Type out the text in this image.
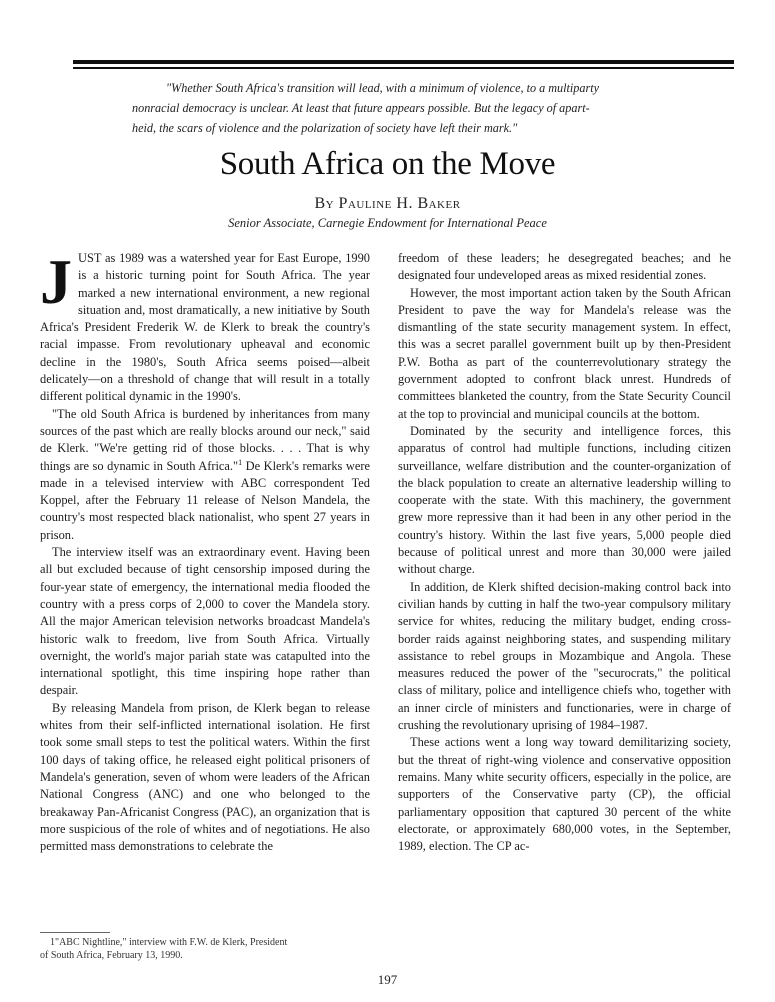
"Whether South Africa's transition will lead, with a minimum of violence, to a multiparty
nonracial democracy is unclear. At least that future appears possible. But the legacy of apart-
heid, the scars of violence and the polarization of society have left their mark."
South Africa on the Move
By Pauline H. Baker
Senior Associate, Carnegie Endowment for International Peace

JUST as 1989 was a watershed year for East Europe, 1990 is a historic turning point for South Africa. The year marked a new international environment, a new regional situation and, most dramatically, a new initiative by South Africa's President Frederik W. de Klerk to break the country's racial impasse. From revolutionary upheaval and economic decline in the 1980's, South Africa seems poised—albeit delicately—on a threshold of change that will result in a totally different political dynamic in the 1990's.

"The old South Africa is burdened by inheritances from many sources of the past which are really blocks around our neck," said de Klerk. "We're getting rid of those blocks. . . . That is why things are so dynamic in South Africa."$^1$ De Klerk's remarks were made in a televised interview with ABC correspondent Ted Koppel, after the February 11 release of Nelson Mandela, the country's most respected black nationalist, who spent 27 years in prison.

The interview itself was an extraordinary event. Having been all but excluded because of tight censorship imposed during the four-year state of emergency, the international media flooded the country with a press corps of 2,000 to cover the Mandela story. All the major American television networks broadcast Mandela's historic walk to freedom, live from South Africa. Virtually overnight, the world's major pariah state was catapulted into the international spotlight, this time inspiring hope rather than despair.

By releasing Mandela from prison, de Klerk began to release whites from their self-inflicted international isolation. He first took some small steps to test the political waters. Within the first 100 days of taking office, he released eight political prisoners of Mandela's generation, seven of whom were leaders of the African National Congress (ANC) and one who belonged to the breakaway Pan-Africanist Congress (PAC), an organization that is more suspicious of the role of whites and of negotiations. He also permitted mass demonstrations to celebrate the

freedom of these leaders; he desegregated beaches; and he designated four undeveloped areas as mixed residential zones.

However, the most important action taken by the South African President to pave the way for Mandela's release was the dismantling of the state security management system. In effect, this was a secret parallel government built up by then-President P.W. Botha as part of the counterrevolutionary strategy the government adopted to confront black unrest. Hundreds of committees blanketed the country, from the State Security Council at the top to provincial and municipal councils at the bottom.

Dominated by the security and intelligence forces, this apparatus of control had multiple functions, including citizen surveillance, welfare distribution and the counter-organization of the black population to create an alternative leadership willing to cooperate with the state. With this machinery, the government grew more repressive than it had been in any other period in the country's history. Within the last five years, 5,000 people died because of political unrest and more than 30,000 were jailed without charge.

In addition, de Klerk shifted decision-making control back into civilian hands by cutting in half the two-year compulsory military service for whites, reducing the military budget, ending cross-border raids against neighboring states, and suspending military assistance to rebel groups in Mozambique and Angola. These measures reduced the power of the "securocrats," the political class of military, police and intelligence chiefs who, together with an inner circle of ministers and functionaries, were in charge of crushing the revolutionary uprising of 1984–1987.

These actions went a long way toward demilitarizing society, but the threat of right-wing violence and conservative opposition remains. Many white security officers, especially in the police, are supporters of the Conservative party (CP), the official parliamentary opposition that captured 30 percent of the white electorate, or approximately 680,000 votes, in the September, 1989, election. The CP ac-

1"ABC Nightline," interview with F.W. de Klerk, President
of South Africa, February 13, 1990.
197
